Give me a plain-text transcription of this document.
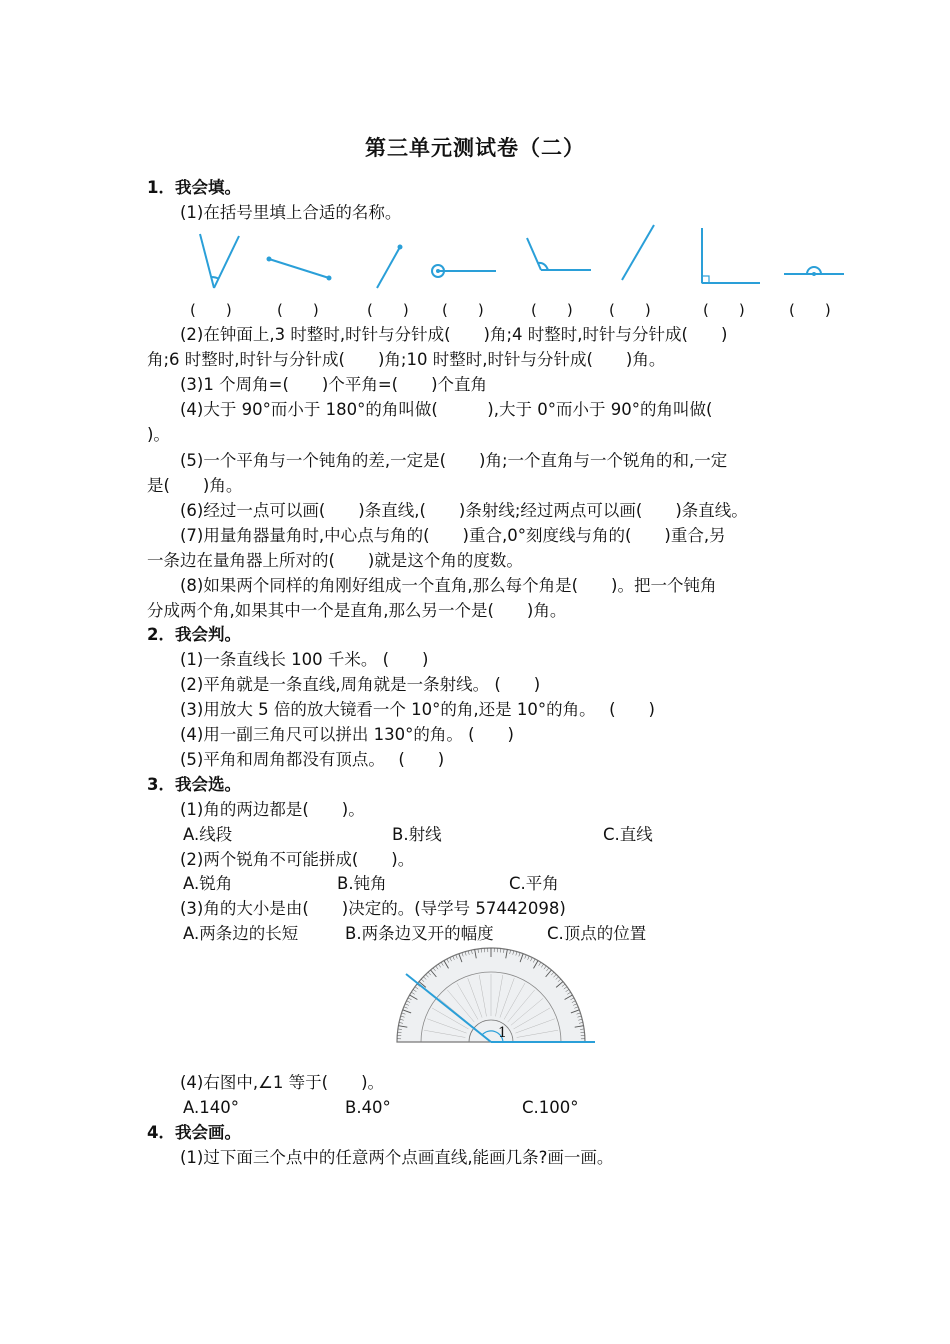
第三单元测试卷（二）
1．我会填。
(1)在括号里填上合适的名称。
(　　)	(　　)	(　　) (　　)	(　　) (　　)	(　　)	(　　)
(2)在钟面上,3 时整时,时针与分针成(　　)角;4 时整时,时针与分针成(　　)
角;6 时整时,时针与分针成(　　)角;10 时整时,时针与分针成(　　)角。
(3)1 个周角=(　　)个平角=(　　)个直角
(4)大于 90°而小于 180°的角叫做(　　　),大于 0°而小于 90°的角叫做(
)。
(5)一个平角与一个钝角的差,一定是(　　)角;一个直角与一个锐角的和,一定
是(　　)角。
(6)经过一点可以画(　　)条直线,(　　)条射线;经过两点可以画(　　)条直线。
(7)用量角器量角时,中心点与角的(　　)重合,0°刻度线与角的(　　)重合,另
一条边在量角器上所对的(　　)就是这个角的度数。
(8)如果两个同样的角刚好组成一个直角,那么每个角是(　　)。把一个钝角
分成两个角,如果其中一个是直角,那么另一个是(　　)角。
2．我会判。
(1)一条直线长 100 千米。 (　　)
(2)平角就是一条直线,周角就是一条射线。 (　　)
(3)用放大 5 倍的放大镜看一个 10°的角,还是 10°的角。　 (　　)
(4)用一副三角尺可以拼出 130°的角。 (　　)
(5)平角和周角都没有顶点。　 (　　)
3．我会选。
(1)角的两边都是(　　)。
A.线段	B.射线	C.直线
(2)两个锐角不可能拼成(　　)。
A.锐角	B.钝角	C.平角
(3)角的大小是由(　　)决定的。(导学号 57442098)
A.两条边的长短	B.两条边叉开的幅度	C.顶点的位置
1
(4)右图中,∠1 等于(　　)。
A.140°	B.40°	C.100°
4．我会画。
(1)过下面三个点中的任意两个点画直线,能画几条?画一画。
